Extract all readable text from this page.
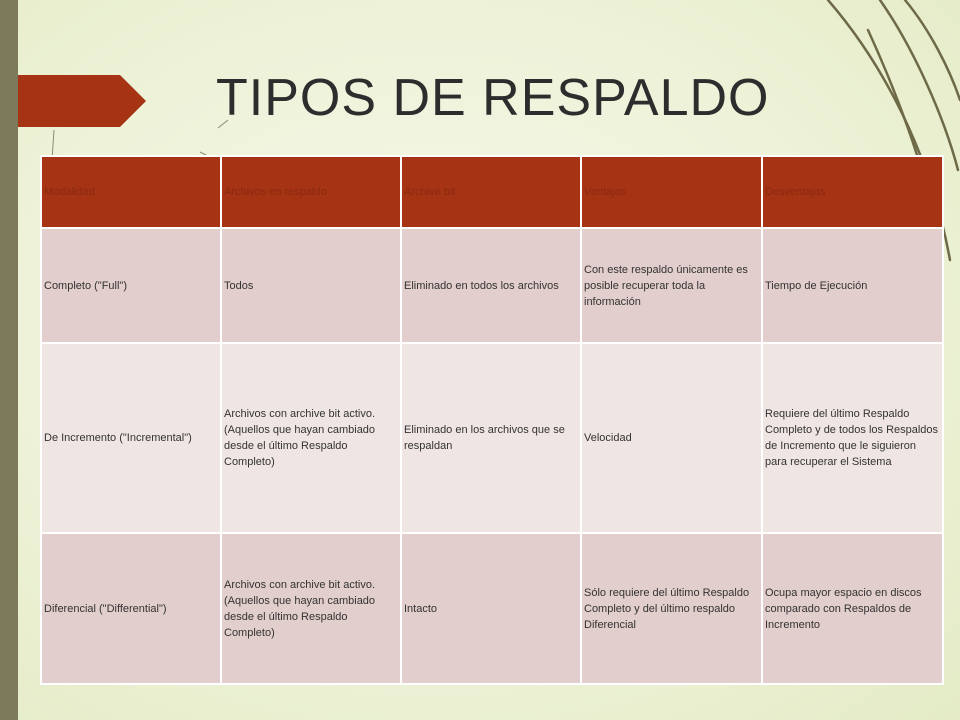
TIPOS DE RESPALDO
Modalidad	Archivos en respaldo	Archive bit	Ventajas	Desventajas
Completo ("Full")	Todos	Eliminado en todos los archivos	Con este respaldo únicamente es posible recuperar toda la información	Tiempo de Ejecución
De Incremento ("Incremental")	Archivos con archive bit activo.(Aquellos que hayan cambiado desde el último Respaldo Completo)	Eliminado en los archivos que se respaldan	Velocidad	Requiere del último Respaldo Completo y de todos los Respaldos de Incremento que le siguieron para recuperar el Sistema
Diferencial ("Differential")	Archivos con archive bit activo.(Aquellos que hayan cambiado desde el último Respaldo Completo)	Intacto	Sólo requiere del último Respaldo Completo y del último respaldo Diferencial	Ocupa mayor espacio en discos comparado con Respaldos de Incremento
